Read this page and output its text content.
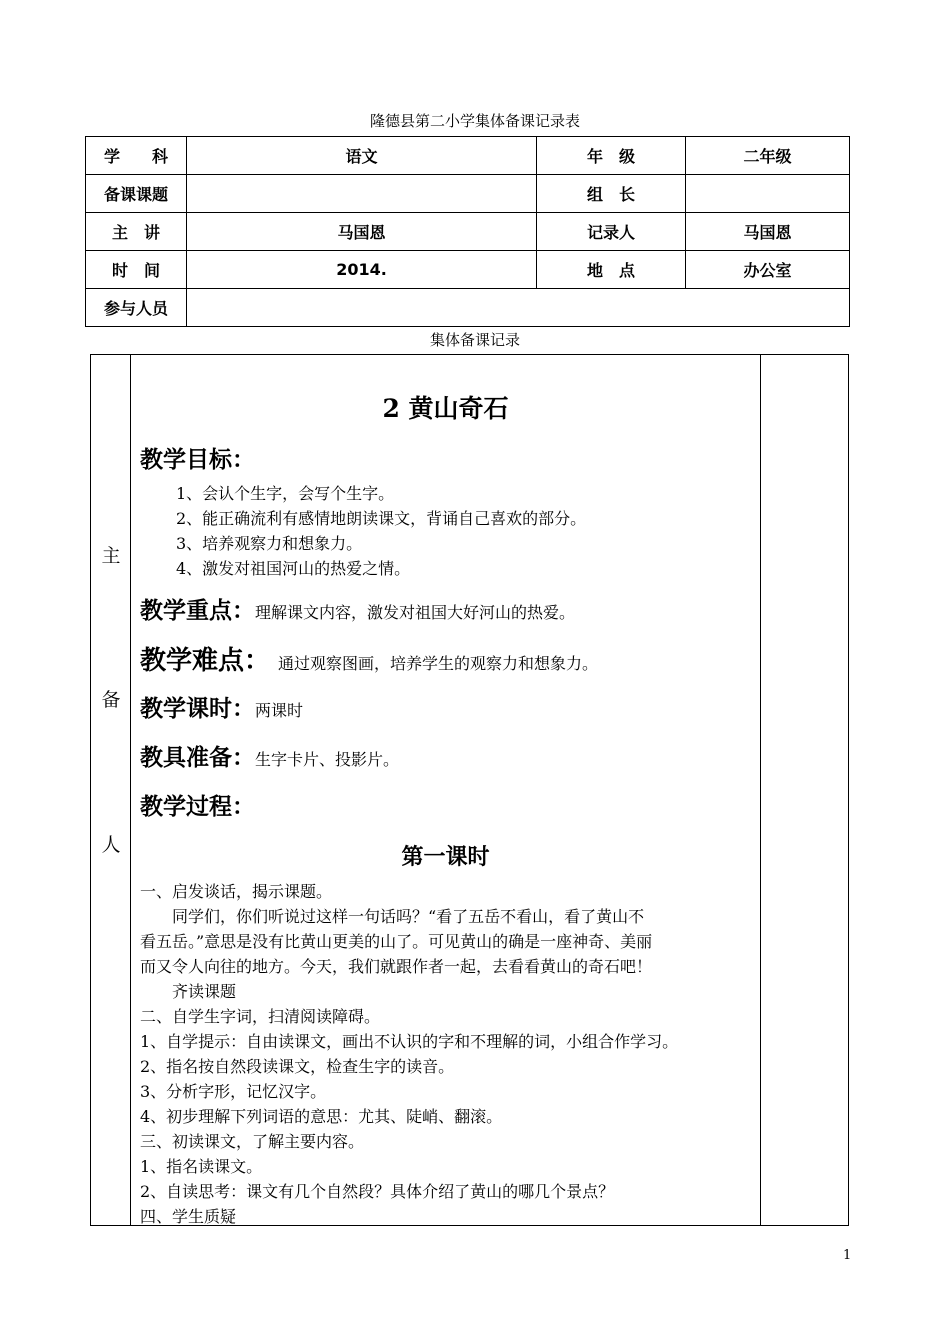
隆德县第二小学集体备课记录表
学　　科	语文	年　级	二年级
备课课题		组　长	
主　讲	马国恩	记录人	马国恩
时　间	2014.	地　点	办公室
参与人员			
集体备课记录
主
备
人
2 黄山奇石
教学目标：
1、会认个生字，会写个生字。
2、能正确流利有感情地朗读课文，背诵自己喜欢的部分。
3、培养观察力和想象力。
4、激发对祖国河山的热爱之情。
教学重点：理解课文内容，激发对祖国大好河山的热爱。
教学难点： 通过观察图画，培养学生的观察力和想象力。
教学课时：两课时
教具准备：生字卡片、投影片。
教学过程：
第一课时
一、启发谈话，揭示课题。
　　同学们，你们听说过这样一句话吗？“看了五岳不看山，看了黄山不
看五岳。”意思是没有比黄山更美的山了。可见黄山的确是一座神奇、美丽
而又令人向往的地方。今天，我们就跟作者一起，去看看黄山的奇石吧！
　　齐读课题
二、自学生字词，扫清阅读障碍。
1、自学提示：自由读课文，画出不认识的字和不理解的词，小组合作学习。
2、指名按自然段读课文，检查生字的读音。
3、分析字形，记忆汉字。
4、初步理解下列词语的意思：尤其、陡峭、翻滚。
三、初读课文，了解主要内容。
1、指名读课文。
2、自读思考：课文有几个自然段？具体介绍了黄山的哪几个景点？
四、学生质疑
1
